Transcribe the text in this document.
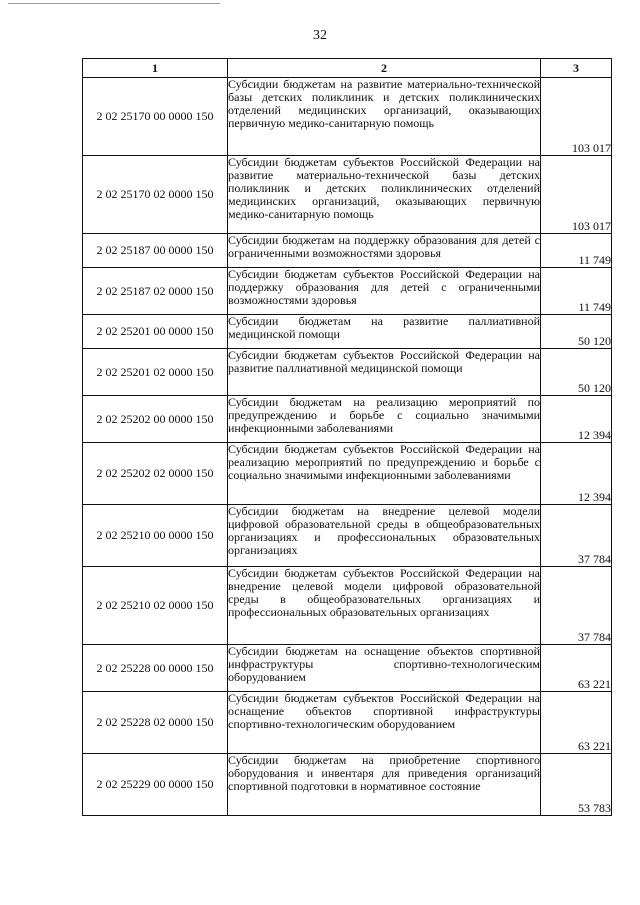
32
1	2	3
2 02 25170 00 0000 150	Субсидии бюджетам на развитие материально-технической базы детских поликлиник и детских поликлинических отделений медицинских организаций, оказывающих первичную медико-санитарную помощь	103 017
2 02 25170 02 0000 150	Субсидии бюджетам субъектов Российской Федерации на развитие материально-технической базы детских поликлиник и детских поликлинических отделений медицинских организаций, оказывающих первичную медико-санитарную помощь	103 017
2 02 25187 00 0000 150	Субсидии бюджетам на поддержку образования для детей с ограниченными возможностями здоровья	11 749
2 02 25187 02 0000 150	Субсидии бюджетам субъектов Российской Федерации на поддержку образования для детей с ограниченными возможностями здоровья	11 749
2 02 25201 00 0000 150	Субсидии бюджетам на развитие паллиативной медицинской помощи	50 120
2 02 25201 02 0000 150	Субсидии бюджетам субъектов Российской Федерации на развитие паллиативной медицинской помощи	50 120
2 02 25202 00 0000 150	Субсидии бюджетам на реализацию мероприятий по предупреждению и борьбе с социально значимыми инфекционными заболеваниями	12 394
2 02 25202 02 0000 150	Субсидии бюджетам субъектов Российской Федерации на реализацию мероприятий по предупреждению и борьбе с социально значимыми инфекционными заболеваниями	12 394
2 02 25210 00 0000 150	Субсидии бюджетам на внедрение целевой модели цифровой образовательной среды в общеобразовательных организациях и профессиональных образовательных организациях	37 784
2 02 25210 02 0000 150	Субсидии бюджетам субъектов Российской Федерации на внедрение целевой модели цифровой образовательной среды в общеобразовательных организациях и профессиональных образовательных организациях	37 784
2 02 25228 00 0000 150	Субсидии бюджетам на оснащение объектов спортивной инфраструктуры спортивно-технологическим оборудованием	63 221
2 02 25228 02 0000 150	Субсидии бюджетам субъектов Российской Федерации на оснащение объектов спортивной инфраструктуры спортивно-технологическим оборудованием	63 221
2 02 25229 00 0000 150	Субсидии бюджетам на приобретение спортивного оборудования и инвентаря для приведения организаций спортивной подготовки в нормативное состояние	53 783
